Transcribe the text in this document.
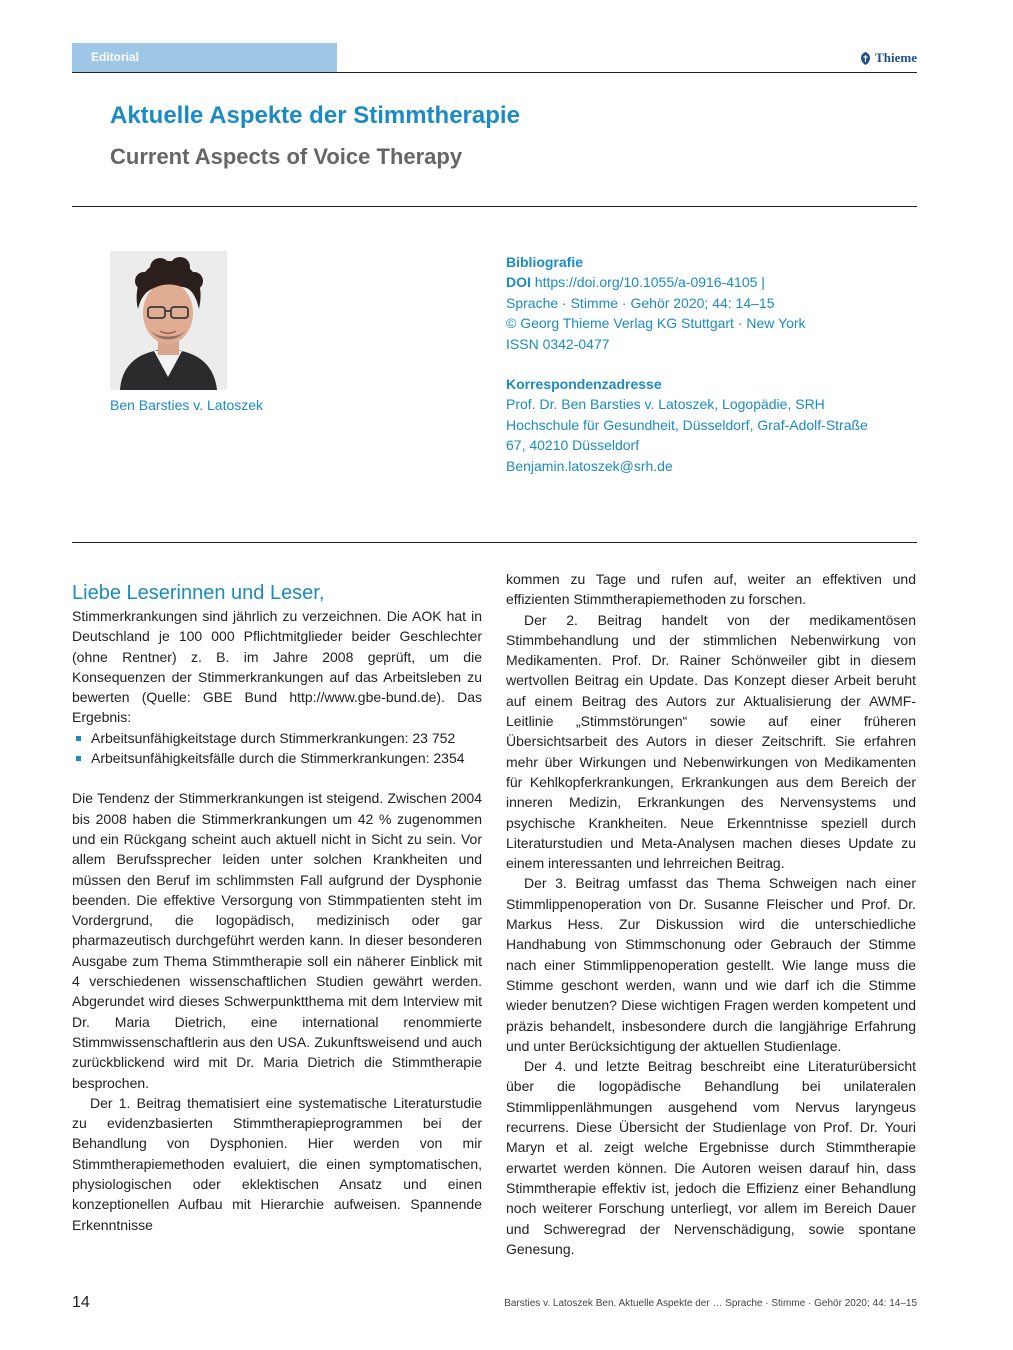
Editorial	Thieme
Aktuelle Aspekte der Stimmtherapie
Current Aspects of Voice Therapy
Ben Barsties v. Latoszek
Bibliografie
DOI https://doi.org/10.1055/a-0916-4105 |
Sprache · Stimme · Gehör 2020; 44: 14–15
© Georg Thieme Verlag KG Stuttgart · New York
ISSN 0342-0477
Korrespondenzadresse
Prof. Dr. Ben Barsties v. Latoszek, Logopädie, SRH
Hochschule für Gesundheit, Düsseldorf, Graf-Adolf-Straße
67, 40210 Düsseldorf
Benjamin.latoszek@srh.de

Liebe Leserinnen und Leser,

Stimmerkrankungen sind jährlich zu verzeichnen. Die AOK hat in Deutschland je 100 000 Pflichtmitglieder beider Geschlechter (ohne Rentner) z. B. im Jahre 2008 geprüft, um die Konsequenzen der Stimmerkrankungen auf das Arbeitsleben zu bewerten (Quelle: GBE Bund http://www.gbe-bund.de). Das Ergebnis:

Arbeitsunfähigkeitstage durch Stimmerkrankungen: 23 752
Arbeitsunfähigkeitsfälle durch die Stimmerkrankungen: 2354

Die Tendenz der Stimmerkrankungen ist steigend. Zwischen 2004 bis 2008 haben die Stimmerkrankungen um 42 % zugenommen und ein Rückgang scheint auch aktuell nicht in Sicht zu sein. Vor allem Berufssprecher leiden unter solchen Krankheiten und müssen den Beruf im schlimmsten Fall aufgrund der Dysphonie beenden. Die effektive Versorgung von Stimmpatienten steht im Vordergrund, die logopädisch, medizinisch oder gar pharmazeutisch durchgeführt werden kann. In dieser besonderen Ausgabe zum Thema Stimmtherapie soll ein näherer Einblick mit 4 verschiedenen wissenschaftlichen Studien gewährt werden. Abgerundet wird dieses Schwerpunktthema mit dem Interview mit Dr. Maria Dietrich, eine international renommierte Stimmwissenschaftlerin aus den USA. Zukunftsweisend und auch zurückblickend wird mit Dr. Maria Dietrich die Stimmtherapie besprochen.

Der 1. Beitrag thematisiert eine systematische Literaturstudie zu evidenzbasierten Stimmtherapieprogrammen bei der Behandlung von Dysphonien. Hier werden von mir Stimmtherapiemethoden evaluiert, die einen symptomatischen, physiologischen oder eklektischen Ansatz und einen konzeptionellen Aufbau mit Hierarchie aufweisen. Spannende Erkenntnisse

kommen zu Tage und rufen auf, weiter an effektiven und effizienten Stimmtherapiemethoden zu forschen.

Der 2. Beitrag handelt von der medikamentösen Stimmbehandlung und der stimmlichen Nebenwirkung von Medikamenten. Prof. Dr. Rainer Schönweiler gibt in diesem wertvollen Beitrag ein Update. Das Konzept dieser Arbeit beruht auf einem Beitrag des Autors zur Aktualisierung der AWMF-Leitlinie „Stimmstörungen“ sowie auf einer früheren Übersichtsarbeit des Autors in dieser Zeitschrift. Sie erfahren mehr über Wirkungen und Nebenwirkungen von Medikamenten für Kehlkopferkrankungen, Erkrankungen aus dem Bereich der inneren Medizin, Erkrankungen des Nervensystems und psychische Krankheiten. Neue Erkenntnisse speziell durch Literaturstudien und Meta-Analysen machen dieses Update zu einem interessanten und lehrreichen Beitrag.

Der 3. Beitrag umfasst das Thema Schweigen nach einer Stimmlippenoperation von Dr. Susanne Fleischer und Prof. Dr. Markus Hess. Zur Diskussion wird die unterschiedliche Handhabung von Stimmschonung oder Gebrauch der Stimme nach einer Stimmlippenoperation gestellt. Wie lange muss die Stimme geschont werden, wann und wie darf ich die Stimme wieder benutzen? Diese wichtigen Fragen werden kompetent und präzis behandelt, insbesondere durch die langjährige Erfahrung und unter Berücksichtigung der aktuellen Studienlage.

Der 4. und letzte Beitrag beschreibt eine Literaturübersicht über die logopädische Behandlung bei unilateralen Stimmlippenlähmungen ausgehend vom Nervus laryngeus recurrens. Diese Übersicht der Studienlage von Prof. Dr. Youri Maryn et al. zeigt welche Ergebnisse durch Stimmtherapie erwartet werden können. Die Autoren weisen darauf hin, dass Stimmtherapie effektiv ist, jedoch die Effizienz einer Behandlung noch weiterer Forschung unterliegt, vor allem im Bereich Dauer und Schweregrad der Nervenschädigung, sowie spontane Genesung.

14	Barsties v. Latoszek Ben. Aktuelle Aspekte der … Sprache · Stimme · Gehör 2020; 44: 14–15
